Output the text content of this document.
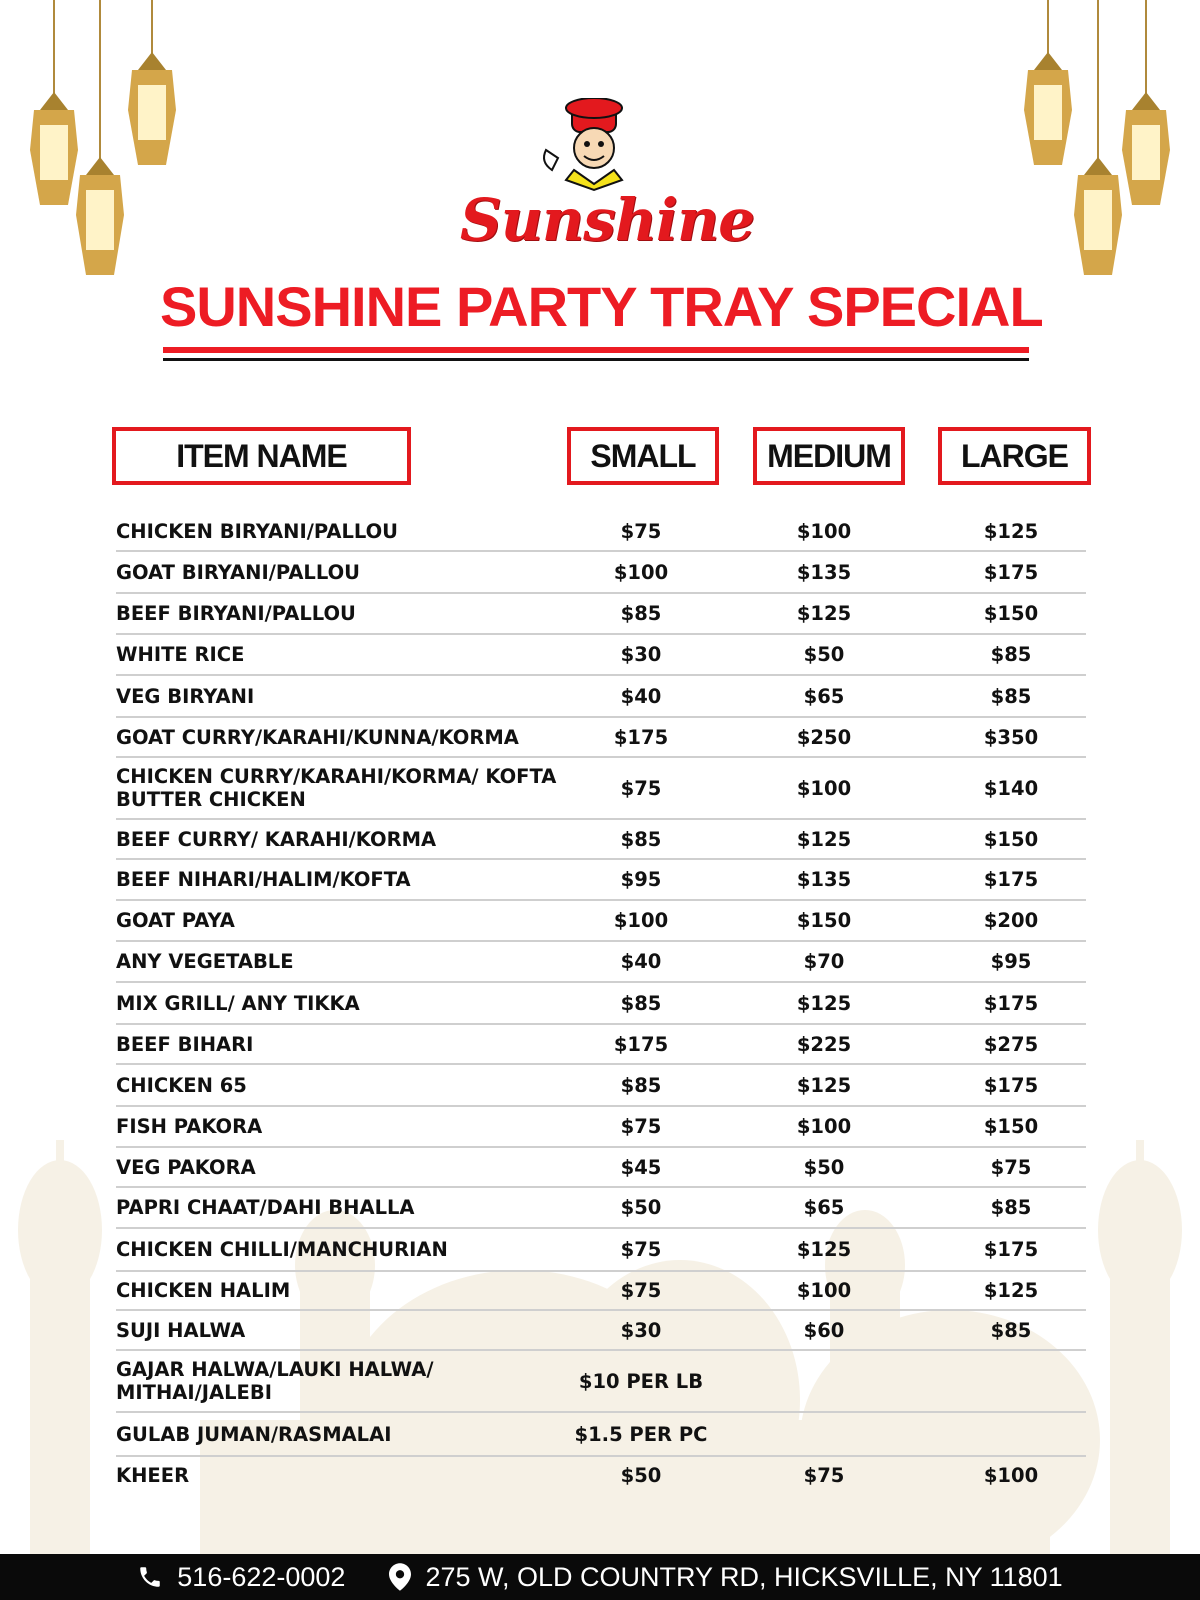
Sunshine
SUNSHINE PARTY TRAY SPECIAL
ITEM NAME	SMALL	MEDIUM	LARGE
CHICKEN BIRYANI/PALLOU	$75	$100	$125
GOAT BIRYANI/PALLOU	$100	$135	$175
BEEF BIRYANI/PALLOU	$85	$125	$150
WHITE RICE	$30	$50	$85
VEG BIRYANI	$40	$65	$85
GOAT CURRY/KARAHI/KUNNA/KORMA	$175	$250	$350
CHICKEN CURRY/KARAHI/KORMA/ KOFTA BUTTER CHICKEN	$75	$100	$140
BEEF CURRY/ KARAHI/KORMA	$85	$125	$150
BEEF NIHARI/HALIM/KOFTA	$95	$135	$175
GOAT PAYA	$100	$150	$200
ANY VEGETABLE	$40	$70	$95
MIX GRILL/ ANY TIKKA	$85	$125	$175
BEEF BIHARI	$175	$225	$275
CHICKEN 65	$85	$125	$175
FISH PAKORA	$75	$100	$150
VEG PAKORA	$45	$50	$75
PAPRI CHAAT/DAHI BHALLA	$50	$65	$85
CHICKEN CHILLI/MANCHURIAN	$75	$125	$175
CHICKEN HALIM	$75	$100	$125
SUJI HALWA	$30	$60	$85
GAJAR HALWA/LAUKI HALWA/ MITHAI/JALEBI	$10 PER LB
GULAB JUMAN/RASMALAI	$1.5 PER PC
KHEER	$50	$75	$100
516-622-0002	275 W, OLD COUNTRY RD, HICKSVILLE, NY 11801
